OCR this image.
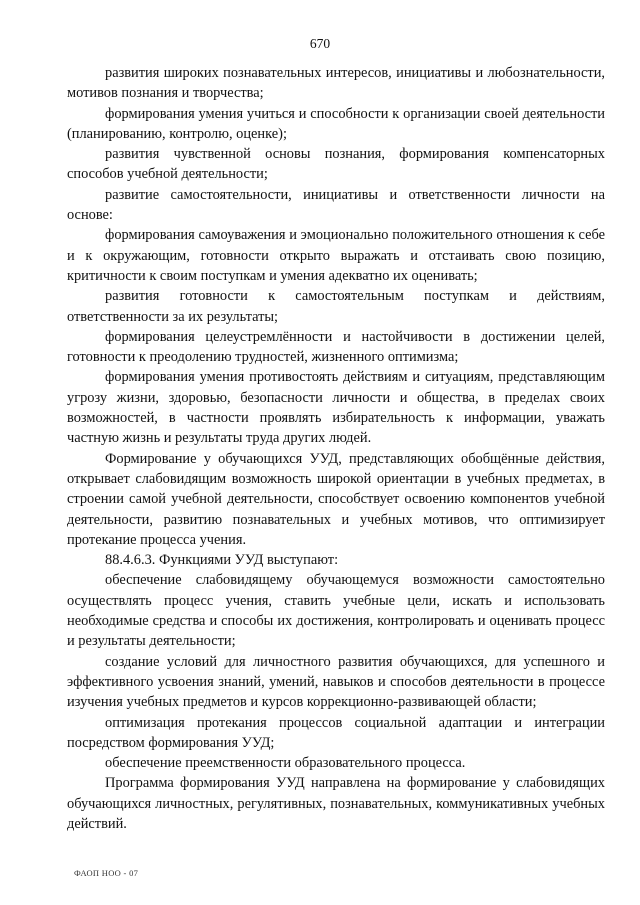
670

развития широких познавательных интересов, инициативы и любознательности, мотивов познания и творчества;

формирования умения учиться и способности к организации своей деятельности (планированию, контролю, оценке);

развития чувственной основы познания, формирования компенсаторных способов учебной деятельности;

развитие самостоятельности, инициативы и ответственности личности на основе:

формирования самоуважения и эмоционально положительного отношения к себе и к окружающим, готовности открыто выражать и отстаивать свою позицию, критичности к своим поступкам и умения адекватно их оценивать;

развития готовности к самостоятельным поступкам и действиям, ответственности за их результаты;

формирования целеустремлённости и настойчивости в достижении целей, готовности к преодолению трудностей, жизненного оптимизма;

формирования умения противостоять действиям и ситуациям, представляющим угрозу жизни, здоровью, безопасности личности и общества, в пределах своих возможностей, в частности проявлять избирательность к информации, уважать частную жизнь и результаты труда других людей.

Формирование у обучающихся УУД, представляющих обобщённые действия, открывает слабовидящим возможность широкой ориентации в учебных предметах, в строении самой учебной деятельности, способствует освоению компонентов учебной деятельности, развитию познавательных и учебных мотивов, что оптимизирует протекание процесса учения.

88.4.6.3. Функциями УУД выступают:

обеспечение слабовидящему обучающемуся возможности самостоятельно осуществлять процесс учения, ставить учебные цели, искать и использовать необходимые средства и способы их достижения, контролировать и оценивать процесс и результаты деятельности;

создание условий для личностного развития обучающихся, для успешного и эффективного усвоения знаний, умений, навыков и способов деятельности в процессе изучения учебных предметов и курсов коррекционно-развивающей области;

оптимизация протекания процессов социальной адаптации и интеграции посредством формирования УУД;

обеспечение преемственности образовательного процесса.

Программа формирования УУД направлена на формирование у слабовидящих обучающихся личностных, регулятивных, познавательных, коммуникативных учебных действий.

ФАОП НОО - 07
